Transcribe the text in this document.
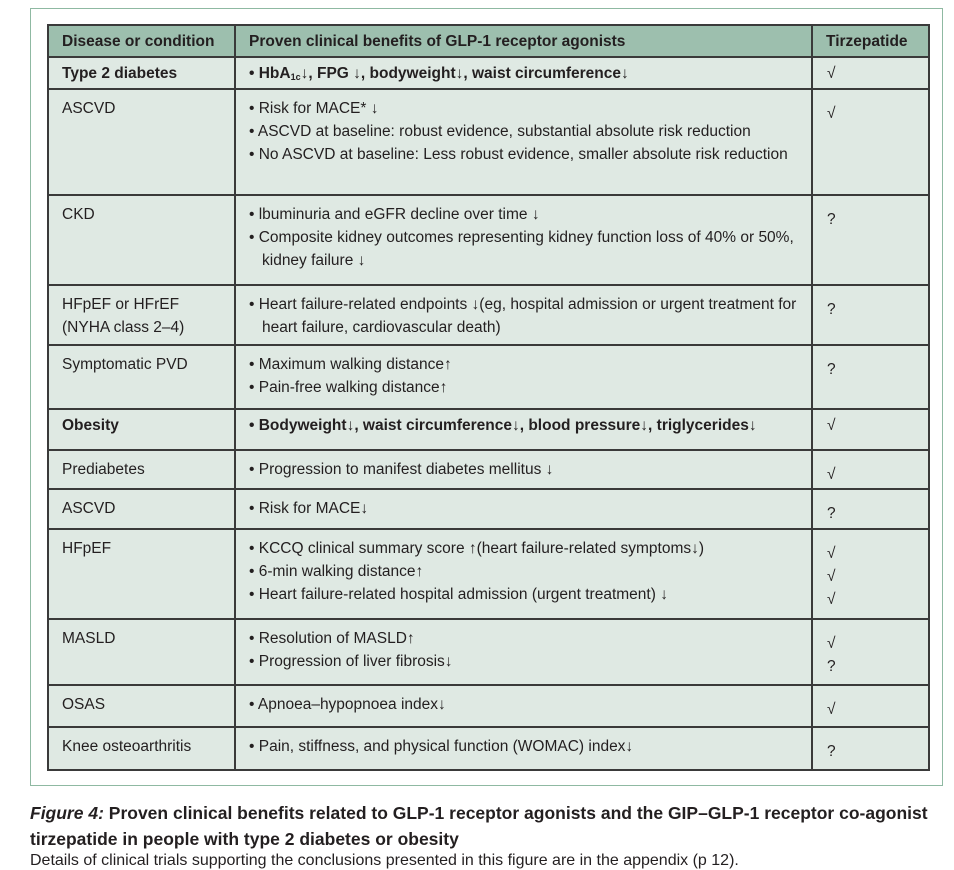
Disease or condition	Proven clinical benefits of GLP-1 receptor agonists	Tirzepatide
Type 2 diabetes	• HbA$_{1c}$↓, FPG ↓, bodyweight↓, waist circumference↓	√

ASCVD	• Risk for MACE* ↓
• ASCVD at baseline: robust evidence, substantial absolute risk reduction
• No ASCVD at baseline: Less robust evidence, smaller absolute risk reduction	√

CKD	• lbuminuria and eGFR decline over time ↓
• Composite kidney outcomes representing kidney function loss of 40% or 50%, kidney failure ↓	?

HFpEF or HFrEF (NYHA class 2–4)	• Heart failure-related endpoints ↓(eg, hospital admission or urgent treatment for heart failure, cardiovascular death)	?

Symptomatic PVD	• Maximum walking distance↑
• Pain-free walking distance↑	?

Obesity	• Bodyweight↓, waist circumference↓, blood pressure↓, triglycerides↓	√

Prediabetes	• Progression to manifest diabetes mellitus ↓	√

ASCVD	• Risk for MACE↓	?

HFpEF	• KCCQ clinical summary score ↑(heart failure-related symptoms↓)
• 6-min walking distance↑
• Heart failure-related hospital admission (urgent treatment) ↓	√
√
√

MASLD	• Resolution of MASLD↑
• Progression of liver fibrosis↓	√
?

OSAS	• Apnoea–hypopnoea index↓	√

Knee osteoarthritis	• Pain, stiffness, and physical function (WOMAC) index↓	?
Figure 4: Proven clinical benefits related to GLP-1 receptor agonists and the GIP–GLP-1 receptor co-agonist tirzepatide in people with type 2 diabetes or obesity
Details of clinical trials supporting the conclusions presented in this figure are in the appendix (p 12).
